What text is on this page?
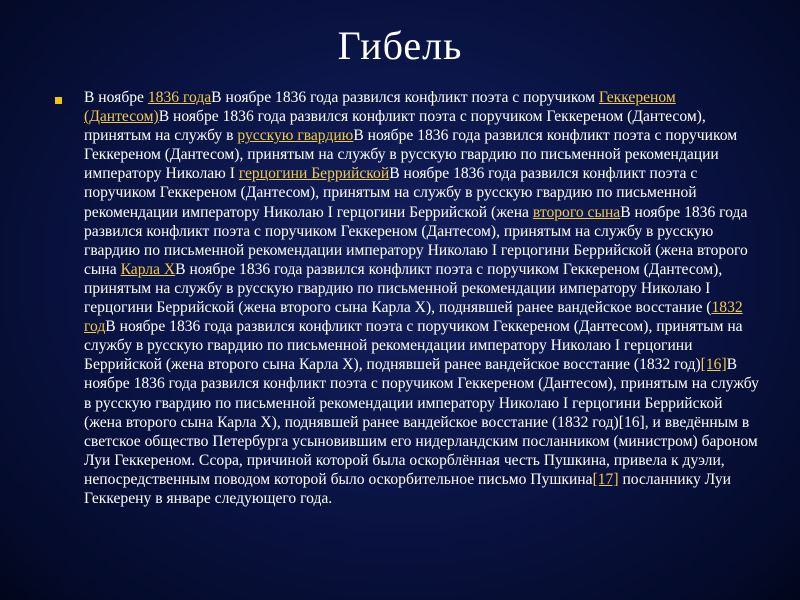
Гибель

В ноябре 1836 годаВ ноябре 1836 года развился конфликт поэта с поручиком Геккереном (Дантесом)В ноябре 1836 года развился конфликт поэта с поручиком Геккереном (Дантесом), принятым на службу в русскую гвардиюВ ноябре 1836 года развился конфликт поэта с поручиком Геккереном (Дантесом), принятым на службу в русскую гвардию по письменной рекомендации императору Николаю I герцогини БеррийскойВ ноябре 1836 года развился конфликт поэта с поручиком Геккереном (Дантесом), принятым на службу в русскую гвардию по письменной рекомендации императору Николаю I герцогини Беррийской (жена второго сынаВ ноябре 1836 года развился конфликт поэта с поручиком Геккереном (Дантесом), принятым на службу в русскую гвардию по письменной рекомендации императору Николаю I герцогини Беррийской (жена второго сына Карла XВ ноябре 1836 года развился конфликт поэта с поручиком Геккереном (Дантесом), принятым на службу в русскую гвардию по письменной рекомендации императору Николаю I герцогини Беррийской (жена второго сына Карла X), поднявшей ранее вандейское восстание (1832 годВ ноябре 1836 года развился конфликт поэта с поручиком Геккереном (Дантесом), принятым на службу в русскую гвардию по письменной рекомендации императору Николаю I герцогини Беррийской (жена второго сына Карла X), поднявшей ранее вандейское восстание (1832 год)[16]В ноябре 1836 года развился конфликт поэта с поручиком Геккереном (Дантесом), принятым на службу в русскую гвардию по письменной рекомендации императору Николаю I герцогини Беррийской (жена второго сына Карла X), поднявшей ранее вандейское восстание (1832 год)[16], и введённым в светское общество Петербурга усыновившим его нидерландским посланником (министром) бароном Луи Геккереном. Ссора, причиной которой была оскорблённая честь Пушкина, привела к дуэли, непосредственным поводом которой было оскорбительное письмо Пушкина[17] посланнику Луи Геккерену в январе следующего года.
